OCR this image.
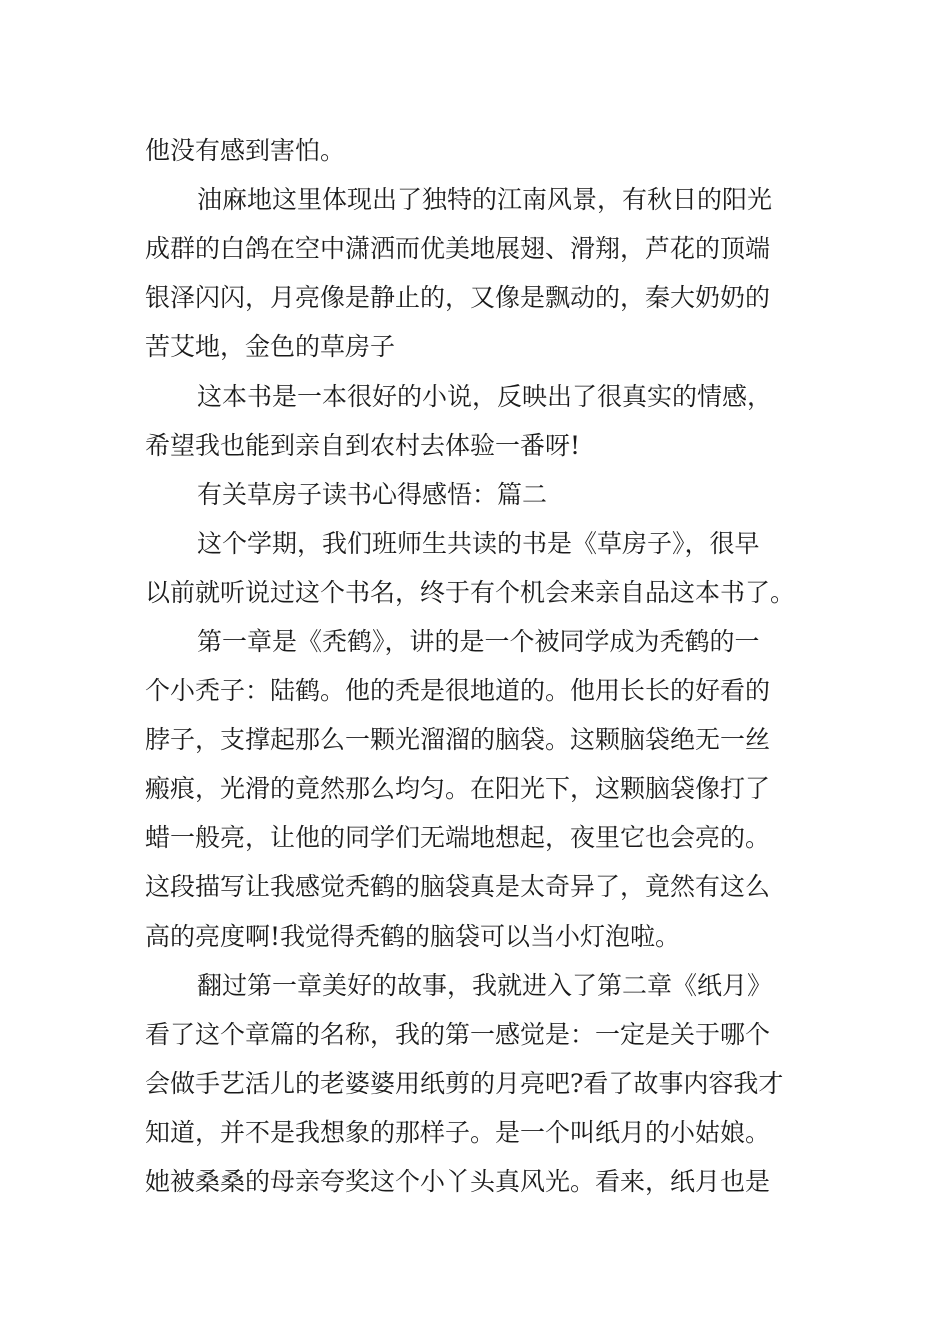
他没有感到害怕。
油麻地这里体现出了独特的江南风景，有秋日的阳光
成群的白鸽在空中潇洒而优美地展翅、滑翔，芦花的顶端
银泽闪闪，月亮像是静止的，又像是飘动的，秦大奶奶的
苦艾地，金色的草房子
这本书是一本很好的小说，反映出了很真实的情感，
希望我也能到亲自到农村去体验一番呀!
有关草房子读书心得感悟：篇二
这个学期，我们班师生共读的书是《草房子》，很早
以前就听说过这个书名，终于有个机会来亲自品这本书了。
第一章是《秃鹤》，讲的是一个被同学成为秃鹤的一
个小秃子：陆鹤。他的秃是很地道的。他用长长的好看的
脖子，支撑起那么一颗光溜溜的脑袋。这颗脑袋绝无一丝
瘢痕，光滑的竟然那么均匀。在阳光下，这颗脑袋像打了
蜡一般亮，让他的同学们无端地想起，夜里它也会亮的。
这段描写让我感觉秃鹤的脑袋真是太奇异了，竟然有这么
高的亮度啊!我觉得秃鹤的脑袋可以当小灯泡啦。
翻过第一章美好的故事，我就进入了第二章《纸月》
看了这个章篇的名称，我的第一感觉是：一定是关于哪个
会做手艺活儿的老婆婆用纸剪的月亮吧?看了故事内容我才
知道，并不是我想象的那样子。是一个叫纸月的小姑娘。
她被桑桑的母亲夸奖这个小丫头真风光。看来，纸月也是
